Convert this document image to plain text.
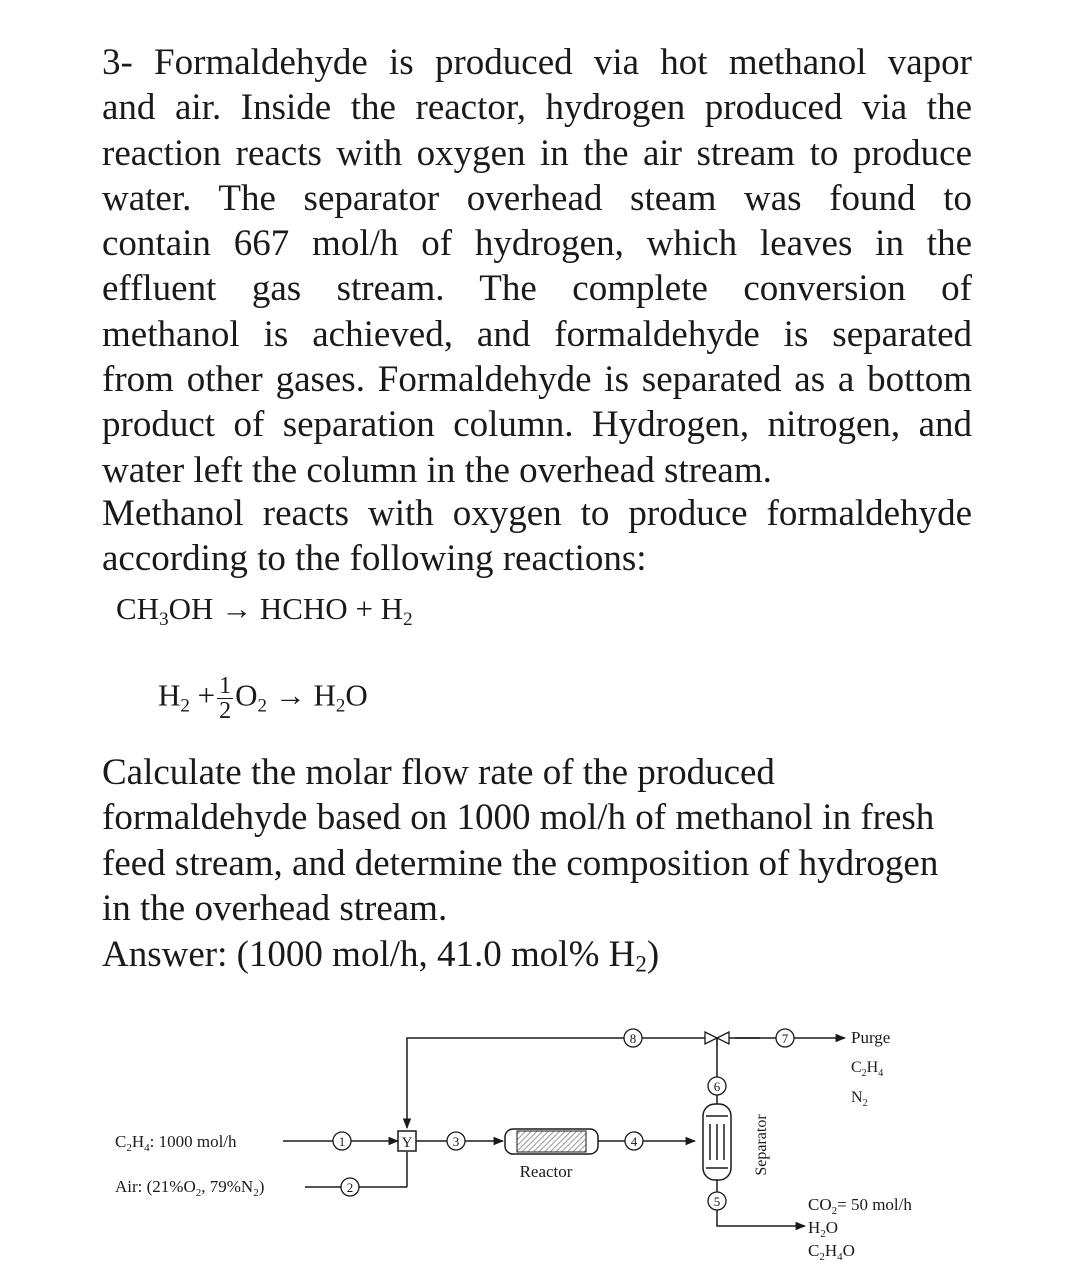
3- Formaldehyde is produced via hot methanol vapor
and air. Inside the reactor, hydrogen produced via the
reaction reacts with oxygen in the air stream to produce
water. The separator overhead steam was found to
contain 667 mol/h of hydrogen, which leaves in the
effluent gas stream. The complete conversion of
methanol is achieved, and formaldehyde is separated
from other gases. Formaldehyde is separated as a bottom
product of separation column. Hydrogen, nitrogen, and
water left the column in the overhead stream.
Methanol reacts with oxygen to produce formaldehyde
according to the following reactions:
$CH_3OH$ → HCHO + $H_2$
$H_2 + \frac{1}{2} O_2 \to H_2O$
Calculate the molar flow rate of the produced
formaldehyde based on 1000 mol/h of methanol in fresh
feed stream, and determine the composition of hydrogen
in the overhead stream.
Answer: (1000 mol/h, 41.0 mol% $H_2$)
$C_2H_4$: 1000 mol/h
Air: ($21\%O_2$, $79\%N_2$)
Y
Reactor	Separator
1
2
3	4
5
6
7
8	Purge
$C_2H_4$
$N_2$
$CO_2= 50$ mol/h
$H_2O$
$C_2H_4O$
